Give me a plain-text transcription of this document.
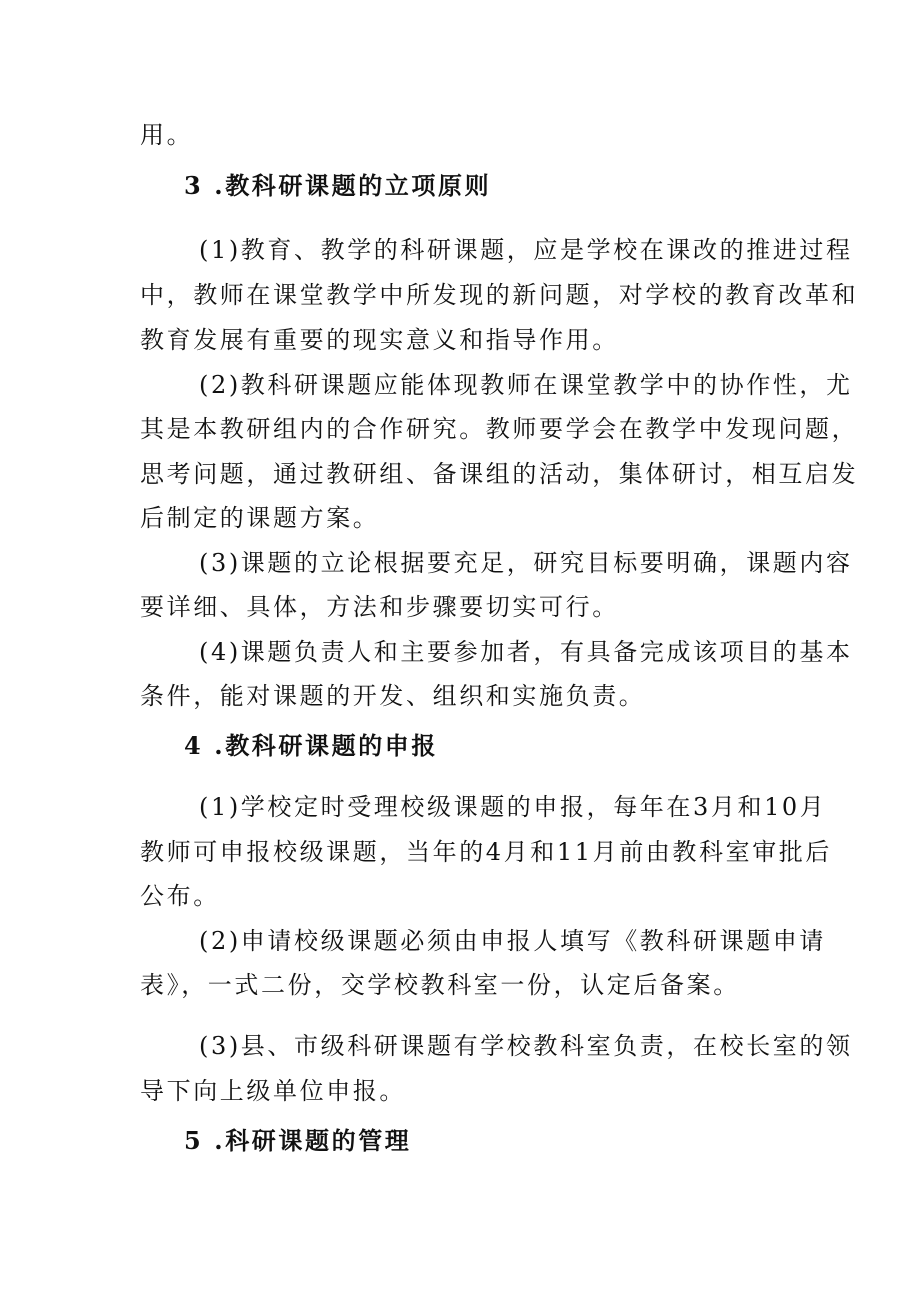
用。
3 .教科研课题的立项原则
(1)教育、教学的科研课题，应是学校在课改的推进过程
中，教师在课堂教学中所发现的新问题，对学校的教育改革和
教育发展有重要的现实意义和指导作用。
(2)教科研课题应能体现教师在课堂教学中的协作性，尤
其是本教研组内的合作研究。教师要学会在教学中发现问题，
思考问题，通过教研组、备课组的活动，集体研讨，相互启发
后制定的课题方案。
(3)课题的立论根据要充足，研究目标要明确，课题内容
要详细、具体，方法和步骤要切实可行。
(4)课题负责人和主要参加者，有具备完成该项目的基本
条件，能对课题的开发、组织和实施负责。
4 .教科研课题的申报
(1)学校定时受理校级课题的申报，每年在3月和10月
教师可申报校级课题，当年的4月和11月前由教科室审批后
公布。
(2)申请校级课题必须由申报人填写《教科研课题申请
表》，一式二份，交学校教科室一份，认定后备案。
(3)县、市级科研课题有学校教科室负责，在校长室的领
导下向上级单位申报。
5 .科研课题的管理
